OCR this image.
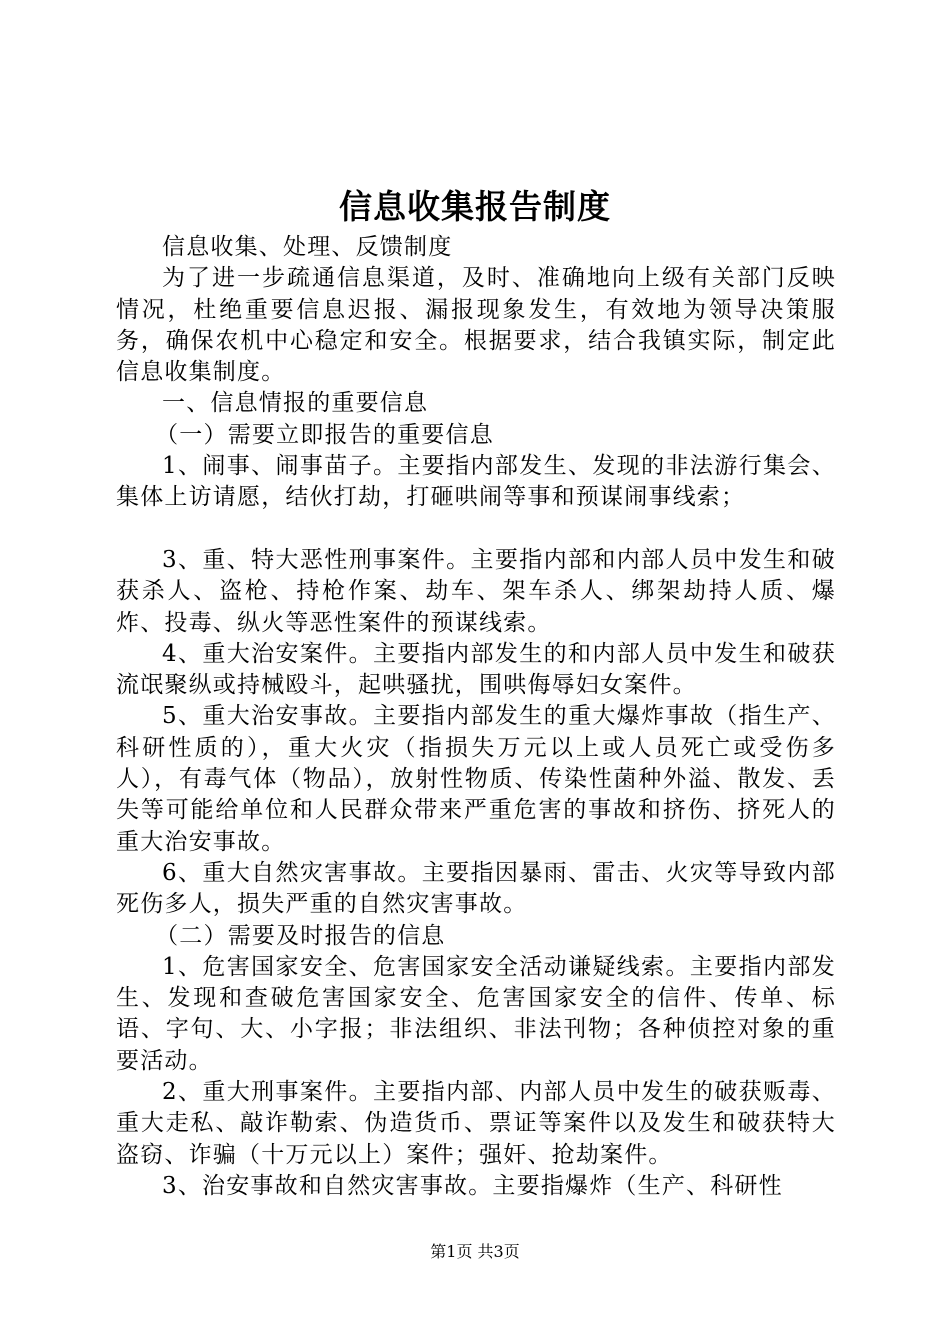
信息收集报告制度

信息收集、处理、反馈制度

为了进一步疏通信息渠道，及时、准确地向上级有关部门反映情况，杜绝重要信息迟报、漏报现象发生，有效地为领导决策服务，确保农机中心稳定和安全。根据要求，结合我镇实际，制定此信息收集制度。

一、信息情报的重要信息

（一）需要立即报告的重要信息

1、闹事、闹事苗子。主要指内部发生、发现的非法游行集会、集体上访请愿，结伙打劫，打砸哄闹等事和预谋闹事线索；

3、重、特大恶性刑事案件。主要指内部和内部人员中发生和破获杀人、盗枪、持枪作案、劫车、架车杀人、绑架劫持人质、爆炸、投毒、纵火等恶性案件的预谋线索。

4、重大治安案件。主要指内部发生的和内部人员中发生和破获流氓聚纵或持械殴斗，起哄骚扰，围哄侮辱妇女案件。

5、重大治安事故。主要指内部发生的重大爆炸事故（指生产、科研性质的），重大火灾（指损失万元以上或人员死亡或受伤多人），有毒气体（物品），放射性物质、传染性菌种外溢、散发、丢失等可能给单位和人民群众带来严重危害的事故和挤伤、挤死人的重大治安事故。

6、重大自然灾害事故。主要指因暴雨、雷击、火灾等导致内部死伤多人，损失严重的自然灾害事故。

（二）需要及时报告的信息

1、危害国家安全、危害国家安全活动谦疑线索。主要指内部发生、发现和查破危害国家安全、危害国家安全的信件、传单、标语、字句、大、小字报；非法组织、非法刊物；各种侦控对象的重要活动。

2、重大刑事案件。主要指内部、内部人员中发生的破获贩毒、重大走私、敲诈勒索、伪造货币、票证等案件以及发生和破获特大盗窃、诈骗（十万元以上）案件；强奸、抢劫案件。

3、治安事故和自然灾害事故。主要指爆炸（生产、科研性

第1页 共3页
